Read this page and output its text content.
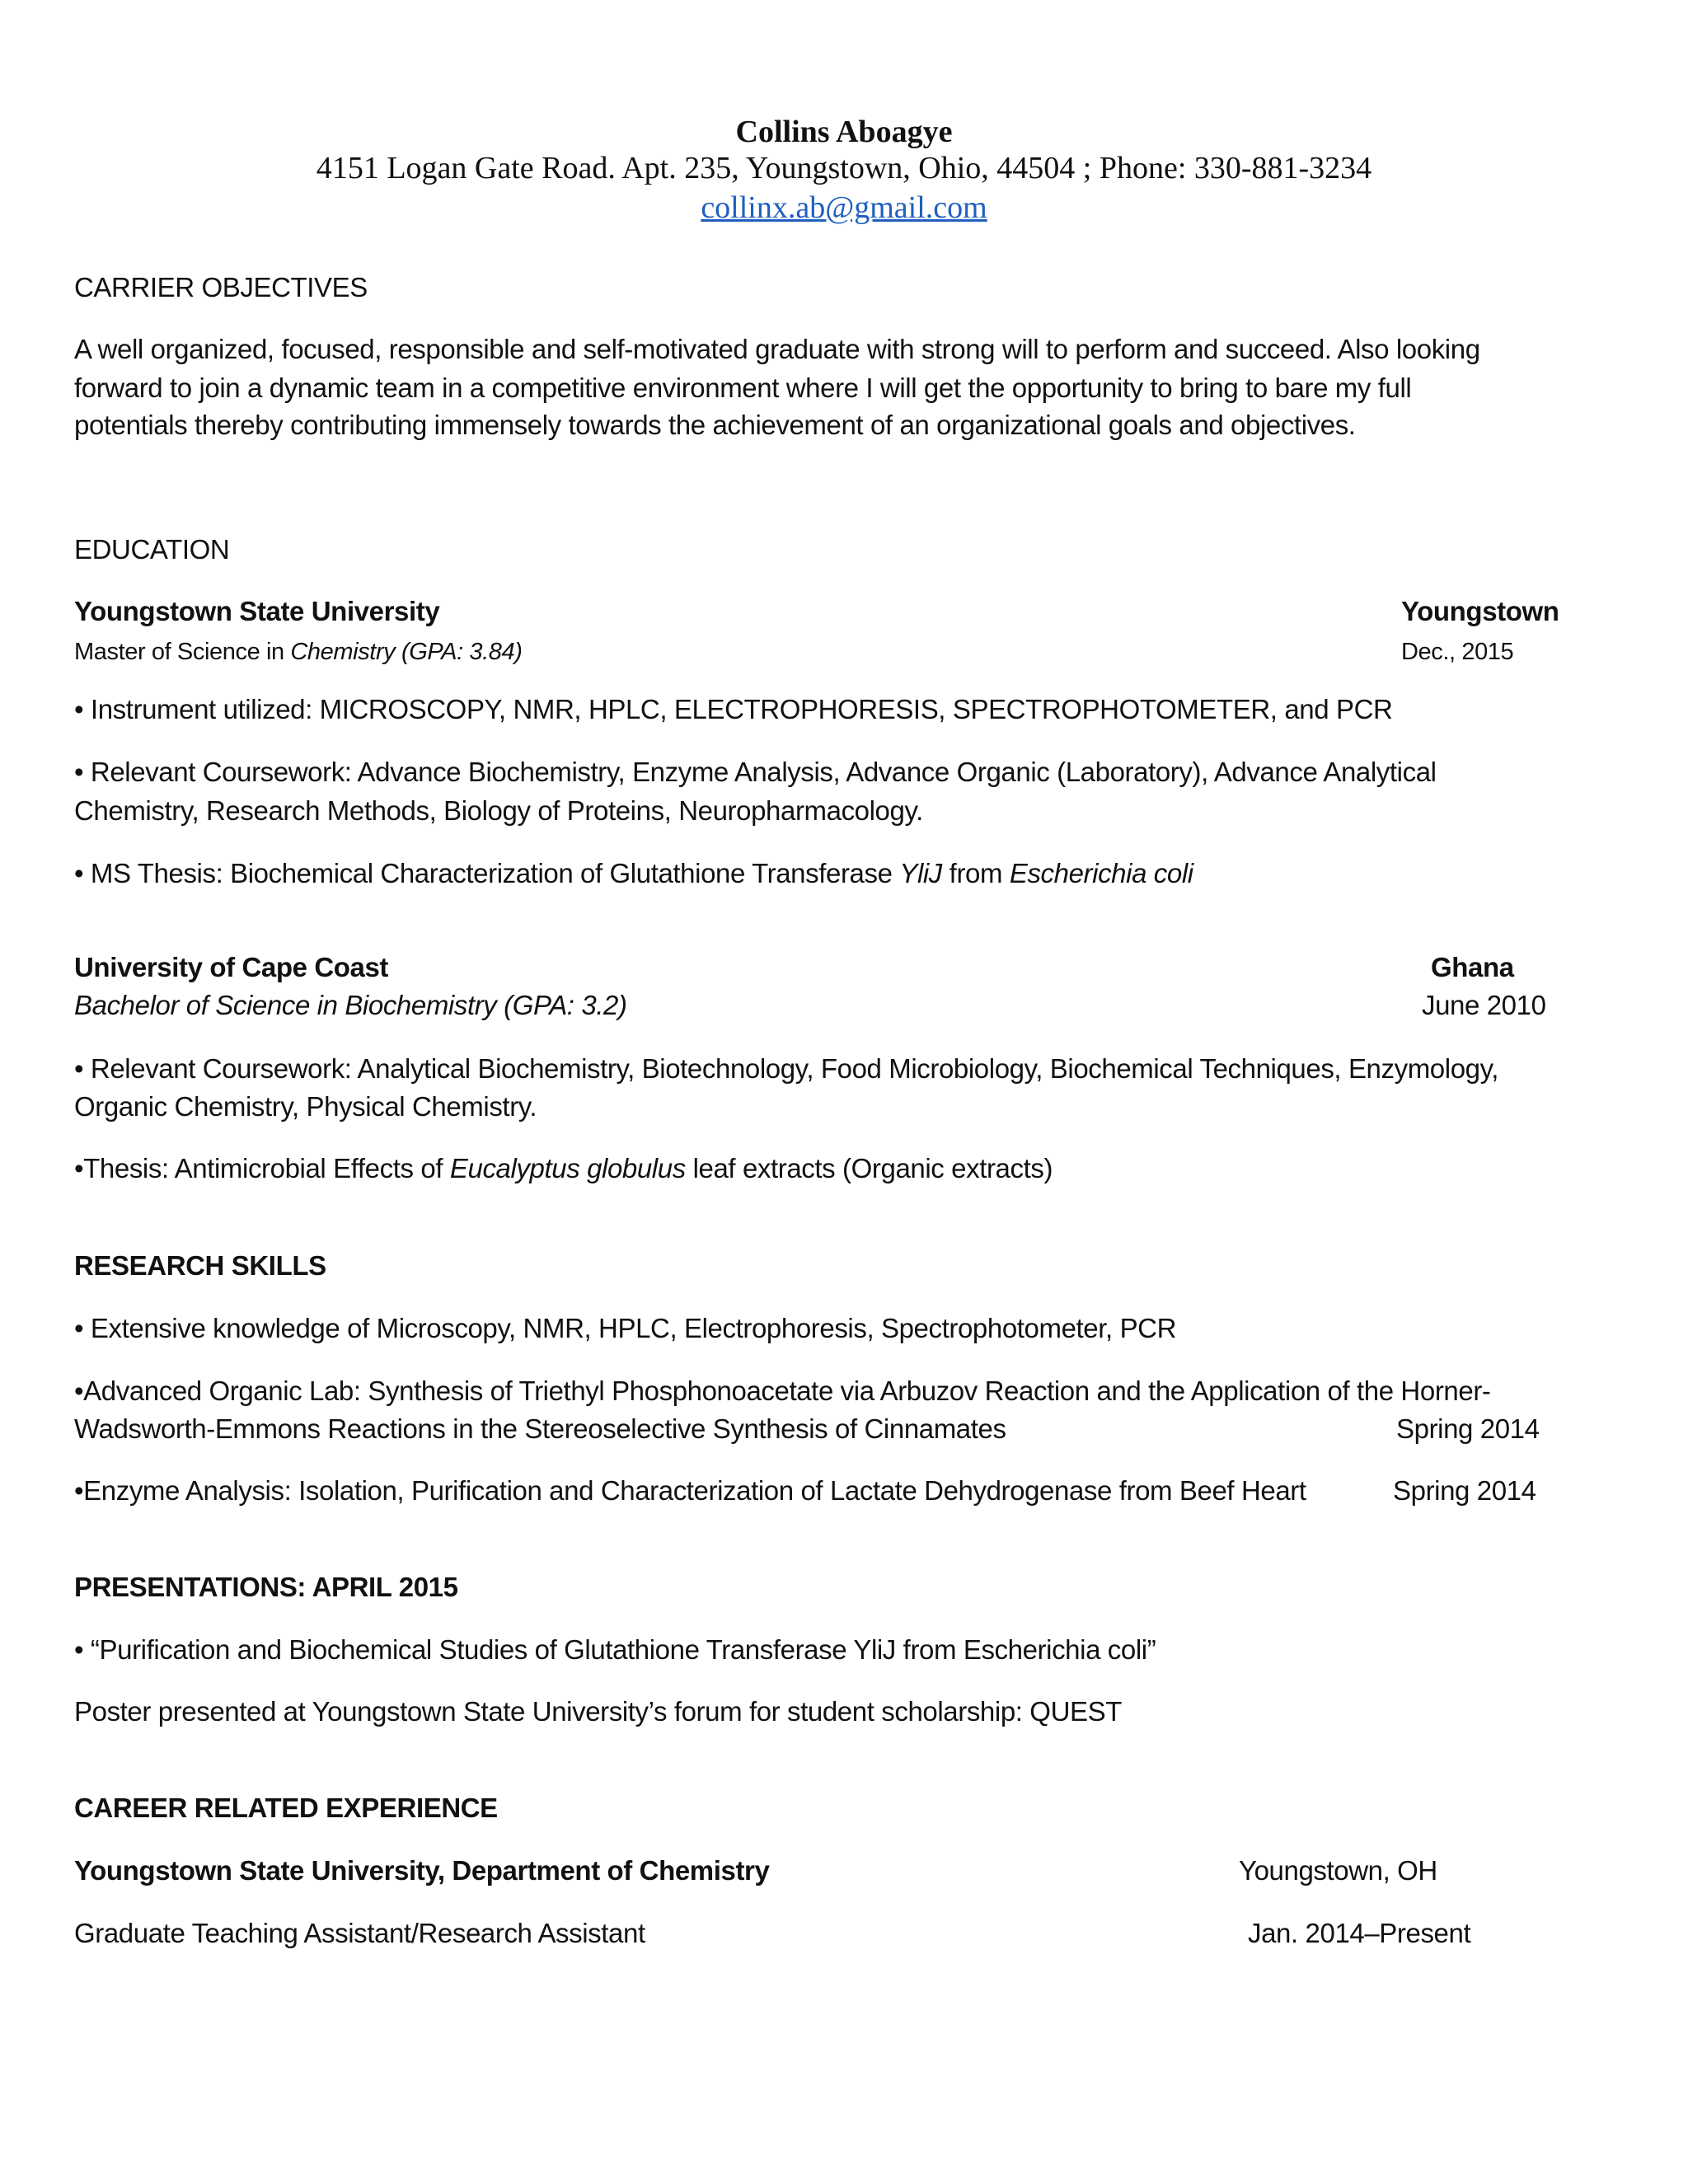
Collins Aboagye
4151 Logan Gate Road. Apt. 235, Youngstown, Ohio, 44504 ; Phone: 330-881-3234
collinx.ab@gmail.com
CARRIER OBJECTIVES
A well organized, focused, responsible and self-motivated graduate with strong will to perform and succeed. Also looking
forward to join a dynamic team in a competitive environment where I will get the opportunity to bring to bare my full
potentials thereby contributing immensely towards the achievement of an organizational goals and objectives.
EDUCATION
Youngstown State University	Youngstown
Master of Science in Chemistry (GPA: 3.84)	Dec., 2015
• Instrument utilized: MICROSCOPY, NMR, HPLC, ELECTROPHORESIS, SPECTROPHOTOMETER, and PCR
• Relevant Coursework: Advance Biochemistry, Enzyme Analysis, Advance Organic (Laboratory), Advance Analytical
Chemistry, Research Methods, Biology of Proteins, Neuropharmacology.
• MS Thesis: Biochemical Characterization of Glutathione Transferase YliJ from Escherichia coli
University of Cape Coast	Ghana
Bachelor of Science in Biochemistry (GPA: 3.2)	June 2010
• Relevant Coursework: Analytical Biochemistry, Biotechnology, Food Microbiology, Biochemical Techniques, Enzymology,
Organic Chemistry, Physical Chemistry.
•Thesis: Antimicrobial Effects of Eucalyptus globulus leaf extracts (Organic extracts)
RESEARCH SKILLS
• Extensive knowledge of Microscopy, NMR, HPLC, Electrophoresis, Spectrophotometer, PCR
•Advanced Organic Lab: Synthesis of Triethyl Phosphonoacetate via Arbuzov Reaction and the Application of the Horner-
Wadsworth-Emmons Reactions in the Stereoselective Synthesis of Cinnamates	Spring 2014
•Enzyme Analysis: Isolation, Purification and Characterization of Lactate Dehydrogenase from Beef Heart	Spring 2014
PRESENTATIONS: APRIL 2015
• “Purification and Biochemical Studies of Glutathione Transferase YliJ from Escherichia coli”
Poster presented at Youngstown State University’s forum for student scholarship: QUEST
CAREER RELATED EXPERIENCE
Youngstown State University, Department of Chemistry	Youngstown, OH
Graduate Teaching Assistant/Research Assistant	Jan. 2014–Present
